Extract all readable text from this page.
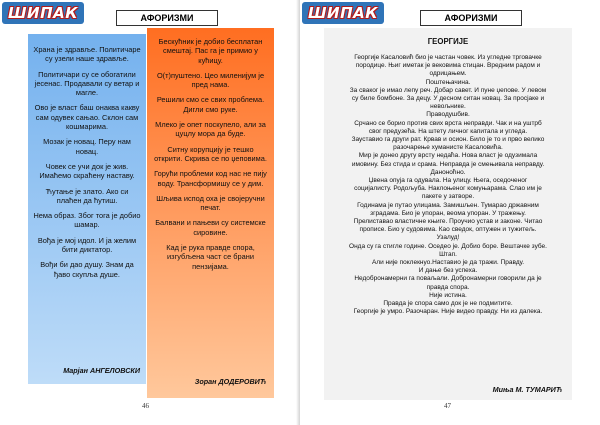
ШИПАК	АФОРИЗМИ

Храна је здравље. Политичаре су узели наше здравље.

Политичари су се обогатили јесенас. Продавали су ветар и магле.

Ово је власт баш онаква какву сам одувек сањао. Склон сам кошмарима.

Мозак је новац. Перу нам новац.

Човек се учи док је жив. Имаћемо скраћену наставу.

Ћутање је злато. Ако си плаћен да ћутиш.

Нема образ. Због тога је добио шамар.

Вођа је мој идол. И ја желим бити диктатор.

Вођи би дао душу. Знам да ђаво скупља душе.

Марјан АНГЕЛОВСКИ

Бескућник је добио бесплатан смештај. Пас га је примио у кућицу.

О(т)пуштено. Цео миленијум је пред нама.

Решили смо се свих проблема. Дигли смо руке.

Млеко је опет поскупело, али за цуцлу мора да буде.

Ситну корупцију је тешко открити. Скрива се по џеповима.

Горући проблеми код нас не пију воду. Трансформишу се у дим.

Шљива испод оха је својеручни печат.

Балвани и пањеви су системске сировине.

Кад је рука правде спора, изгубљена част се брани пензијама.

Зоран ДОДЕРОВИЋ
46
ШИПАК	АФОРИЗМИ
ГЕОРГИЈЕ
Георгије Касаловић био је частан човек. Из угледне трговачке
породице. Њиг иметак је вековима стицан. Вредним радом и
одрицањем.
Поштењачина.
За сваког је имао лепу реч. Добар савет. И пуне џепове. У левом
су биле бомбоне. За децу. У десном ситан новац. За просјаке и
невољнике.
Праводушбив.
Срчано се борио против свих врста неправди. Чак и на уштрб
свог предузећа. На штету личног капитала и угледа.
Зауставио га други рат. Крвав и осион. Било је то и прво велико
разочарење хуманисте Касаловића.
Мир је донео другу врсту недаћа. Нова власт је одузимала
имовину. Без стида и срама. Неправда је смењивала неправду.
Данонoћно.
Џвена опуја га одувала. На улицу. Њега, оседоченог
социјалисту. Родољуба. Наклоњеног комуњарама. Слао им је
пакете у затворе.
Годинама је путао улицама. Замишљен. Тумарао државним
зградама. Био је упоран, веома упоран. У тражењу.
Прелиставао властичне књиге. Проучио устав и законе. Читао
прописе. Био у судовима. Као сведок, оптужен и тужитељ.
Узалуд!
Онда су га стигле године. Оседео је. Добио боре. Вештачке зубе.
Штап.
Али није поклекнуо.Наставио је да тражи. Правду.
И дање без успеха.
Недобронамерни га поваљали. Добронамерни говорили да је
правда спора.
Није истина.
Правда је спора само док је не подмитите.
Георгије је умро. Разочаран. Није видео правду. Ни из далека.
Миња М. ТУМАРИЋ
47
